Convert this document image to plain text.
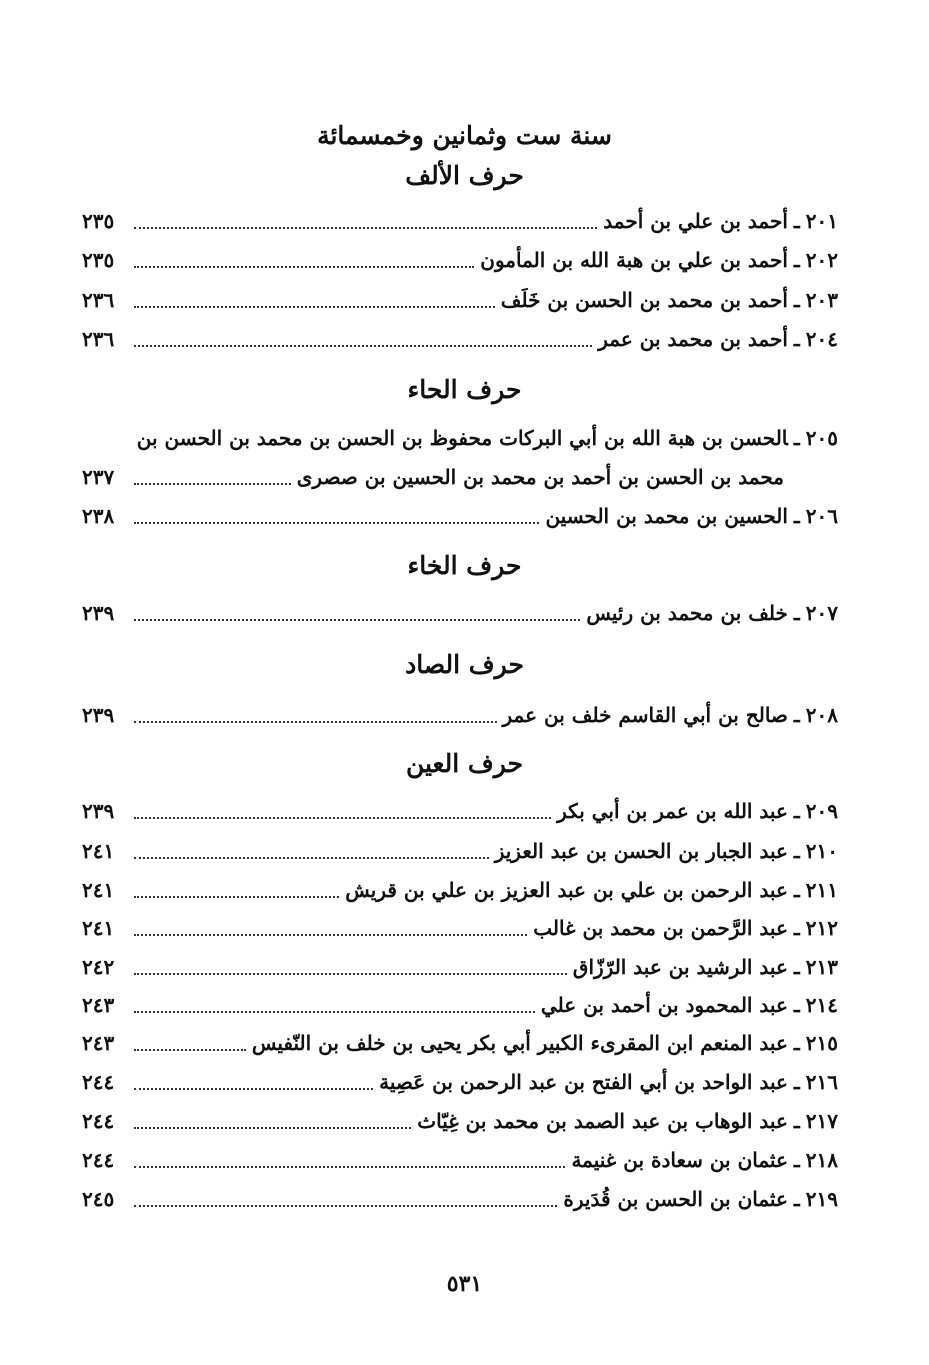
سنة ست وثمانين وخمسمائة
حرف الألف
٢٠١
ـ
أحمد بن علي بن أحمد
٢٣٥
٢٠٢
ـ
أحمد بن علي بن هبة الله بن المأمون
٢٣٥
٢٠٣
ـ
أحمد بن محمد بن الحسن بن خَلَف
٢٣٦
٢٠٤
ـ
أحمد بن محمد بن عمر
٢٣٦
حرف الحاء
٢٠٥ـالحسن بن هبة الله بن أبي البركات محفوظ بن الحسن بن محمد بن الحسن بن
محمد بن الحسن بن أحمد بن محمد بن الحسين بن صصرى
٢٣٧
٢٠٦
ـ
الحسين بن محمد بن الحسين
٢٣٨
حرف الخاء
٢٠٧
ـ
خلف بن محمد بن رئيس
٢٣٩
حرف الصاد
٢٠٨
ـ
صالح بن أبي القاسم خلف بن عمر
٢٣٩
حرف العين
٢٠٩
ـ
عبد الله بن عمر بن أبي بكر
٢٣٩
٢١٠
ـ
عبد الجبار بن الحسن بن عبد العزيز
٢٤١
٢١١
ـ
عبد الرحمن بن علي بن عبد العزيز بن علي بن قريش
٢٤١
٢١٢
ـ
عبد الرَّحمن بن محمد بن غالب
٢٤١
٢١٣
ـ
عبد الرشيد بن عبد الرّزّاق
٢٤٢
٢١٤
ـ
عبد المحمود بن أحمد بن علي
٢٤٣
٢١٥
ـ
عبد المنعم ابن المقرىء الكبير أبي بكر يحيى بن خلف بن النّفيس
٢٤٣
٢١٦
ـ
عبد الواحد بن أبي الفتح بن عبد الرحمن بن عَصِية
٢٤٤
٢١٧
ـ
عبد الوهاب بن عبد الصمد بن محمد بن غِيّاث
٢٤٤
٢١٨
ـ
عثمان بن سعادة بن غنيمة
٢٤٤
٢١٩
ـ
عثمان بن الحسن بن قُدَيرة
٢٤٥
٥٣١
